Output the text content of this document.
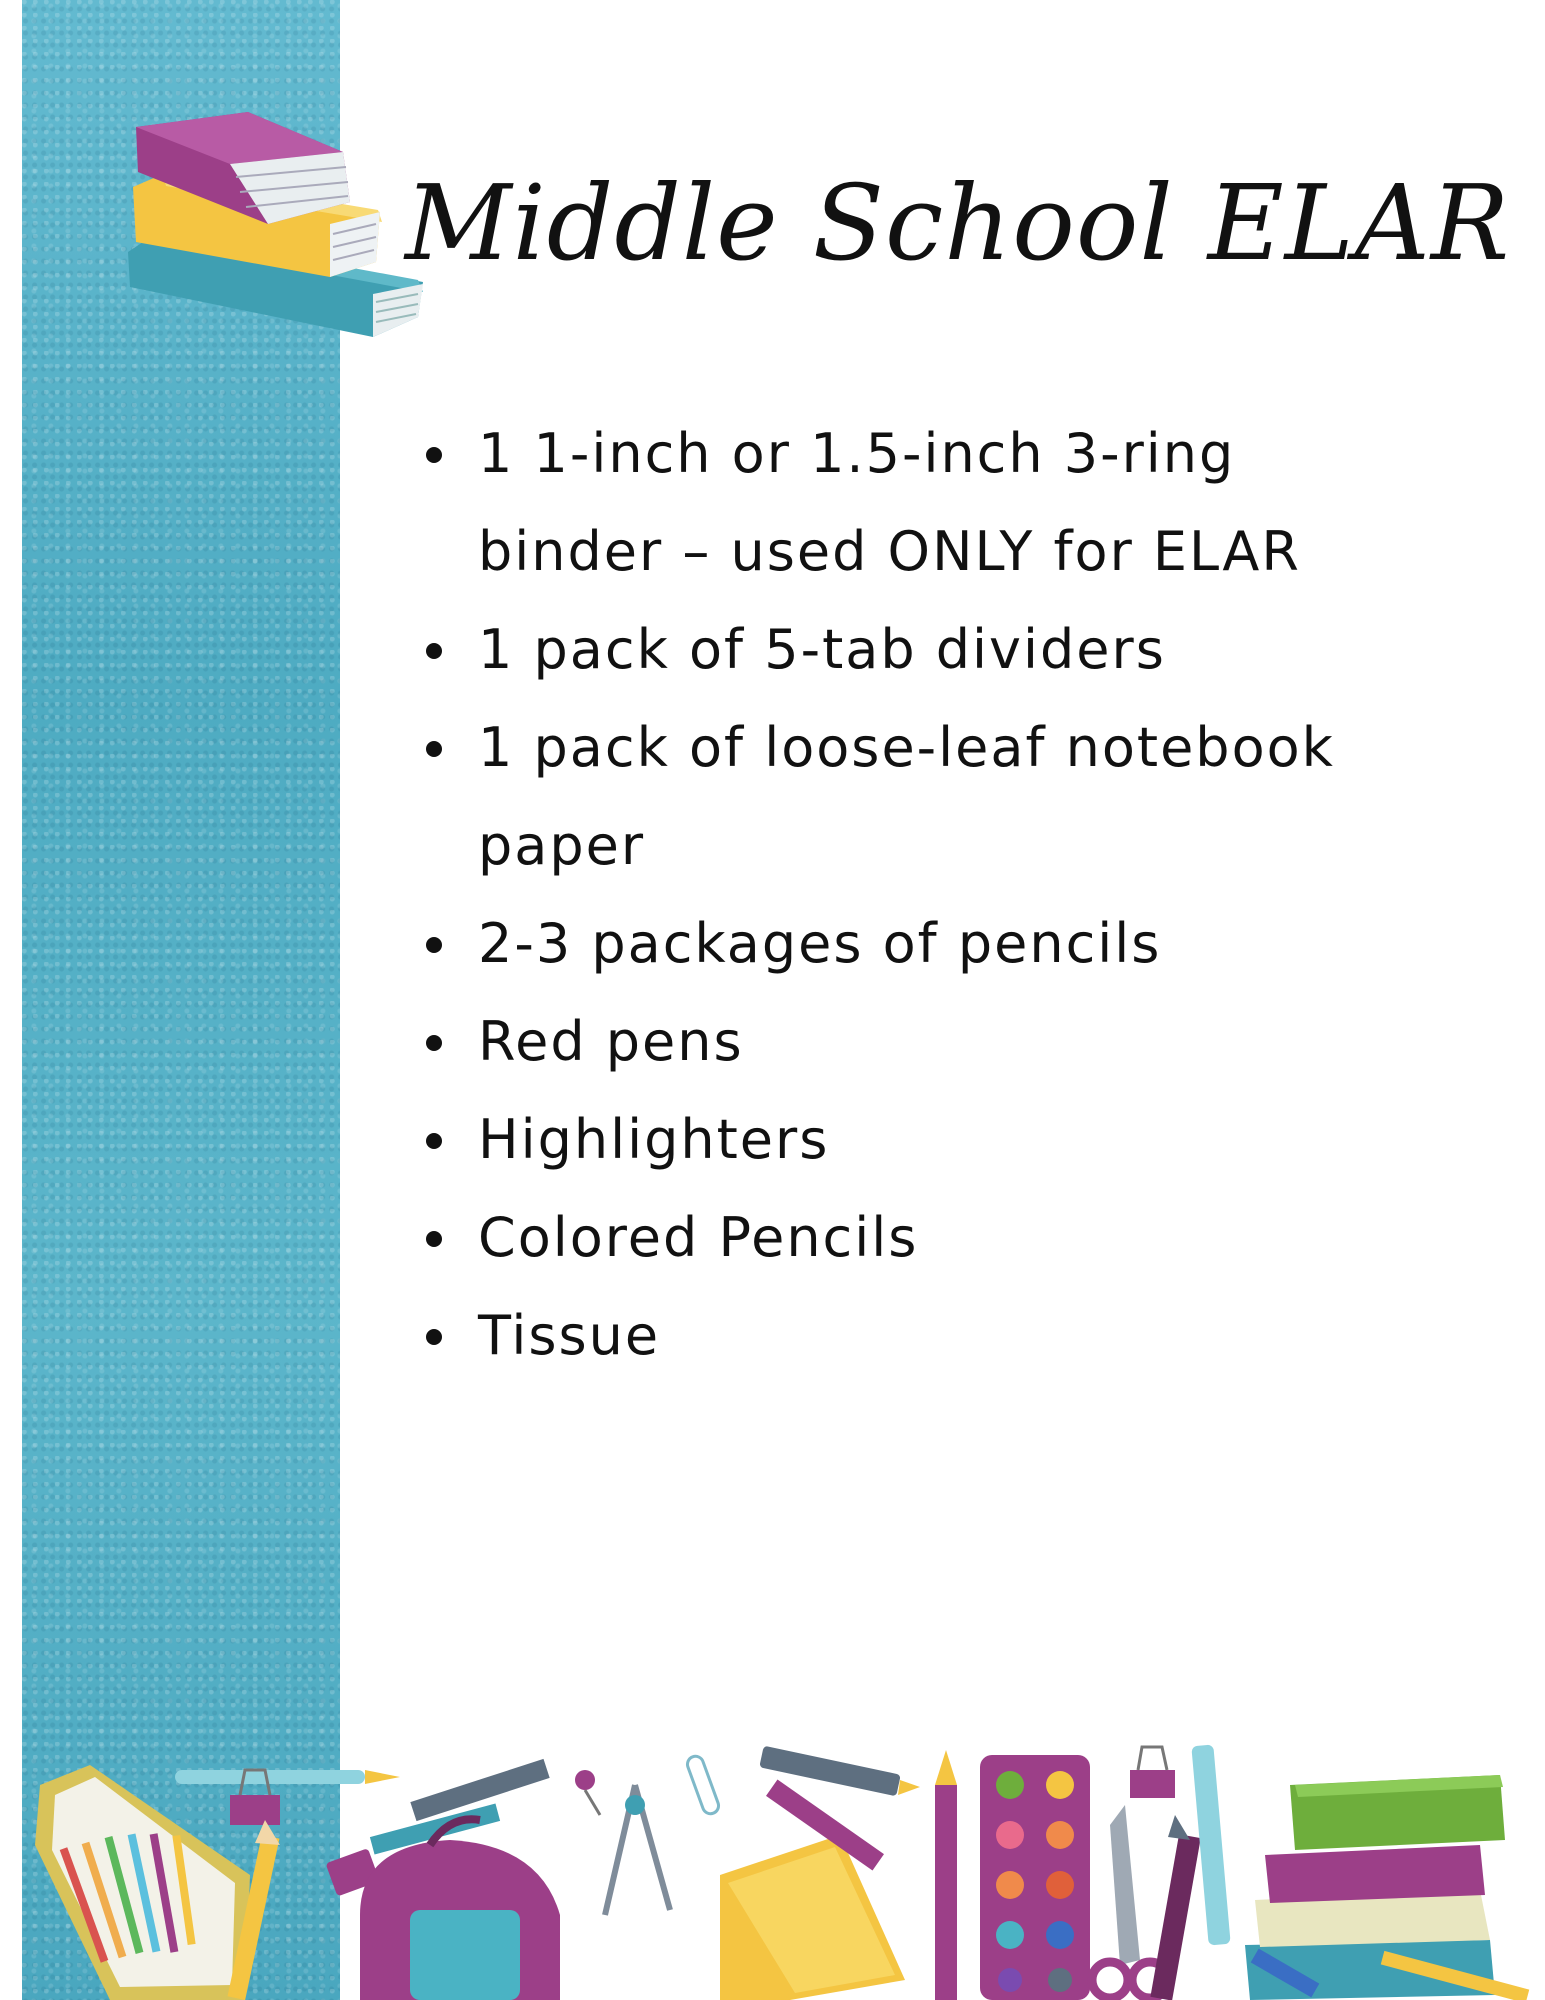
Middle School ELAR
1 1-inch or 1.5-inch 3-ring binder – used ONLY for ELAR
1 pack of 5-tab dividers
1 pack of loose-leaf notebook paper
2-3 packages of pencils
Red pens
Highlighters
Colored Pencils
Tissue
